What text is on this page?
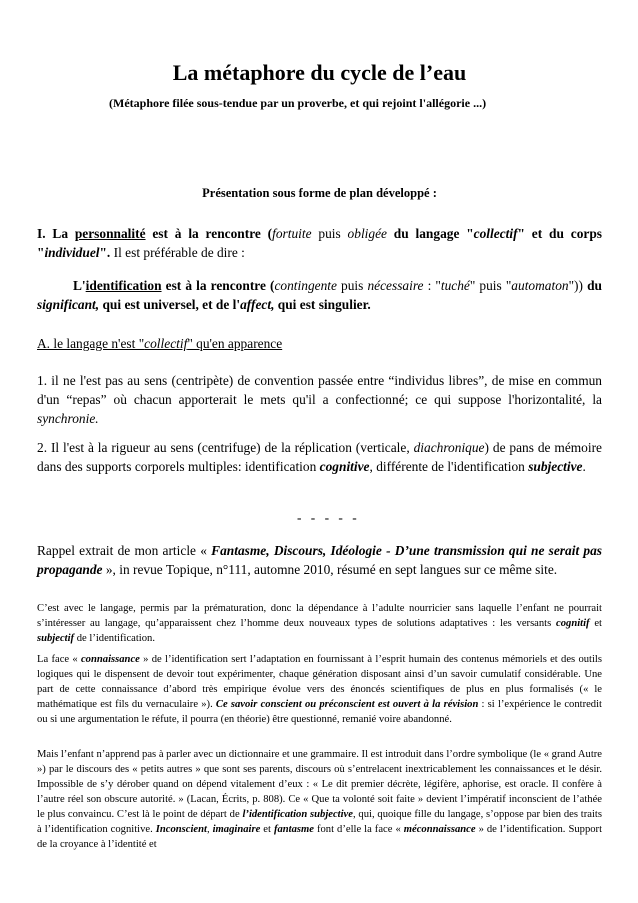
La métaphore du cycle de l’eau
(Métaphore filée sous-tendue par un proverbe, et qui rejoint l'allégorie ...)
Présentation sous forme de plan développé :
I. La personnalité est à la rencontre (fortuite puis obligée du langage "collectif" et du corps "individuel". Il est préférable de dire :
L'identification est à la rencontre (contingente puis nécessaire : "tuché" puis "automaton")) du significant, qui est universel, et de l'affect, qui est singulier.
A. le langage n'est "collectif" qu'en apparence
1. il ne l'est pas au sens (centripète) de convention passée entre “individus libres”, de mise en commun d'un “repas” où chacun apporterait le mets qu'il a confectionné; ce qui suppose l'horizontalité, la synchronie.
2. Il l'est à la rigueur au sens (centrifuge) de la réplication (verticale, diachronique) de pans de mémoire dans des supports corporels multiples: identification cognitive, différente de l'identification subjective.
- - - - -
Rappel extrait de mon article « Fantasme, Discours, Idéologie - D’une transmission qui ne serait pas propagande », in revue Topique, n°111, automne 2010, résumé en sept langues sur ce même site.
C’est avec le langage, permis par la prématuration, donc la dépendance à l’adulte nourricier sans laquelle l’enfant ne pourrait s’intéresser au langage, qu’apparaissent chez l’homme deux nouveaux types de solutions adaptatives : les versants cognitif et subjectif de l’identification.
La face « connaissance » de l’identification sert l’adaptation en fournissant à l’esprit humain des contenus mémoriels et des outils logiques qui le dispensent de devoir tout expérimenter, chaque génération disposant ainsi d’un savoir cumulatif considérable. Une part de cette connaissance d’abord très empirique évolue vers des énoncés scientifiques de plus en plus formalisés (« le mathématique est fils du vernaculaire »). Ce savoir conscient ou préconscient est ouvert à la révision : si l’expérience le contredit ou si une argumentation le réfute, il pourra (en théorie) être questionné, remanié voire abandonné.
Mais l’enfant n’apprend pas à parler avec un dictionnaire et une grammaire. Il est introduit dans l’ordre symbolique (le « grand Autre ») par le discours des « petits autres » que sont ses parents, discours où s’entrelacent inextricablement les connaissances et le désir. Impossible de s’y dérober quand on dépend vitalement d’eux : « Le dit premier décrète, légifère, aphorise, est oracle. Il confère à l’autre réel son obscure autorité. » (Lacan, Écrits, p. 808). Ce « Que ta volonté soit faite » devient l’impératif inconscient de l’athée le plus convaincu. C’est là le point de départ de l’identification subjective, qui, quoique fille du langage, s’oppose par bien des traits à l’identification cognitive. Inconscient, imaginaire et fantasme font d’elle la face « méconnaissance » de l’identification. Support de la croyance à l’identité et
